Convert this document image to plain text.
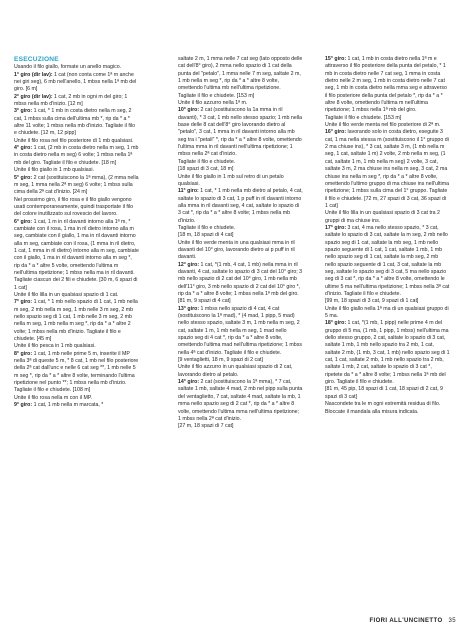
ESECUZIONE

Usando il filo giallo, formate un anello magico.

1° giro (dir lav): 1 cat (non conta come 1ª m anche nei giri seg), 6 mb nell'anello, 1 mbss nella 1ª mb del giro. [6 m]

2° giro (dir lav): 1 cat, 2 mb in ogni m del giro; 1 mbss nella mb d'inizio. [12 m]

3° giro: 1 cat, * 1 mb in costa dietro nella m seg, 2 cat, 1 mbss sulla cima dell'ultima mb *, rip da * a * altre 11 volte; 1 mbss nella mb d'inizio. Tagliate il filo e chiudete. [12 m, 12 pipp]

Unite il filo rosa nel filo posteriore di 1 mb qualsiasi.

4° giro: 1 cat, (2 mb in costa dietro nella m seg, 1 mb in costa dietro nella m seg) 6 volte; 1 mbss nella 1ª mb del giro. Tagliate il filo e chiudete. [18 m]

Unite il filo giallo in 1 mb qualsiasi.

5° giro: 2 cat (sostituiscono la 1ª mma), (2 mma nella m seg, 1 mma nella 2ª m seg) 6 volte; 1 mbss sulla cima della 2ª cat d'inizio. [24 m]

Nel prossimo giro, il filo rosa e il filo giallo vengono usati contemporaneamente, quindi trasportate il filo del colore inutilizzato sul rovescio del lavoro.

6° giro: 1 cat, 1 m in ril davanti intorno alla 1ª m, * cambiate con il rosa, 1 ma in ril dietro intorno alla m seg, cambiate con il giallo, 1 ma in ril davanti intorno alla m seg, cambiate con il rosa, (1 mma in ril dietro, 1 cat, 1 mma in ril dietro) intorno alla m seg, cambiate con il giallo, 1 ma in ril davanti intorno alla m seg *, rip da * a * altre 5 volte, omettendo l'ultima m nell'ultima ripetizione; 1 mbss nella ma in ril davanti. Tagliate ciascun dei 2 fili e chiudete. [30 m, 6 spazi di 1 cat]

Unite il filo lilla in un qualsiasi spazio di 1 cat.

7° giro: 1 cat, * 1 mb nello spazio di 1 cat, 1 mb nella m seg, 2 mb nella m seg, 1 mb nelle 3 m seg, 2 mb nello spazio seg di 1 cat, 1 mb nelle 3 m seg, 2 mb nella m seg, 1 mb nella m seg *, rip da * a * altre 2 volte; 1 mbss nella mb d'inizio. Tagliate il filo e chiudete. [45 m]

Unite il filo pesca in 1 mb qualsiasi.

8° giro: 1 cat, 1 mb nelle prime 5 m, inserite il MP nella 3ª di queste 5 m, * 8 cat, 1 mb nel filo posteriore della 2ª cat dall'unc e nelle 6 cat seg **, 1 mb nelle 5 m seg *, rip da * a * altre 8 volte, terminando l'ultima ripetizione nel punto **; 1 mbss nella mb d'inizio.

Tagliate il filo e chiudete. [108 m]

Unite il filo rosa nella m con il MP.

9° giro: 1 cat, 1 mb nella m marcata, *

saltate 2 m, 1 mma nelle 7 cat seg (lato opposto delle cat dell'8° giro), 2 mma nello spazio di 1 cat della punta del "petalo", 1 mma nelle 7 m seg, saltate 2 m, 1 mb nella m seg *, rip da * a * altre 8 volte, omettendo l'ultima mb nell'ultima ripetizione.

Tagliate il filo e chiudete. [153 m]

Unite il filo azzurro nella 1ª m.

10° giro: 2 cat (sostituiscono la 1a mma in ril davanti), * 3 cat, 1 mb nello stesso spazio; 1 mb nella base delle 8 cat dell'8° giro lavorando dietro al "petalo", 3 cat, 1 mma in ril davanti intorno alla mb seg tra i "petali" *, rip da * a * altre 8 volte, omettendo l'ultima mma in ril davanti nell'ultima ripetizione; 1 mbss nella 2ª cat d'inizio.

Tagliate il filo e chiudete.

[18 spazi di 3 cat, 18 m]

Unite il filo giallo in 1 mb sul retro di un petalo qualsiasi.

11° giro: 1 cat, * 1 mb nella mb dietro al petalo, 4 cat, saltate lo spazio di 3 cat, 1 p puff in ril davanti intorno alla mma in ril davanti seg, 4 cat, saltate lo spazio di 3 cat *, rip da * a * altre 8 volte; 1 mbss nella mb d'inizio.

Tagliate il filo e chiudete.

[18 m, 18 spazi di 4 cat]

Unite il filo verde menta in una qualsiasi mma in ril davanti del 10° giro, lavorando dietro ai p puff in ril davanti.

12° giro: 1 cat, *(1 mb, 4 cat, 1 mb) nella mma in ril davanti, 4 cat, saltate lo spazio di 3 cat del 10° giro; 3 mb nello spazio di 2 cat del 10° giro, 1 mb nella mb dell'11° giro, 3 mb nello spazio di 2 cat del 10° giro *, rip da * a * altre 8 volte; 1 mbss nella 1ª mb del giro.

[81 m, 9 spazi di 4 cat]

13° giro: 1 mbss nello spazio di 4 cat, 4 cat (sostituiscono la 1ª mad), * (4 mad, 1 pipp, 5 mad) nello stesso spazio, saltate 3 m, 1 mb nella m seg, 2 cat, saltate 1 m, 1 mb nella m seg, 1 mad nello spazio seg di 4 cat *, rip da * a * altre 8 volte, omettendo l'ultima mad nell'ultima ripetizione; 1 mbss nella 4ª cat d'inizio. Tagliate il filo e chiudete.

[9 ventaglietti, 18 m, 9 spazi di 2 cat]

Unite il filo azzurro in un qualsiasi spazio di 2 cat, lavorando dietro al petalo.

14° giro: 2 cat (sostituiscono la 1ª mma), * 7 cat, saltate 1 mb, saltate 4 mad, 2 mb nel pipp sulla punta del ventaglietto, 7 cat, saltate 4 mad, saltate la mb, 1 mma nello spazio seg di 2 cat *, rip da * a * altre 8 volte, omettendo l'ultima mma nell'ultima ripetizione; 1 mbss nella 2ª cat d'inizio.

[27 m, 18 spazi di 7 cat]

15° giro: 1 cat, 1 mb in costa dietro nella 1ª m e attraverso il filo posteriore della punta del petalo, * 1 mb in costa dietro nelle 7 cat seg, 1 mma in costa dietro nelle 2 m seg, 1 mb in costa dietro nelle 7 cat seg, 1 mb in costa dietro nella mma seg e attraverso il filo posteriore della punta del petalo *, rip da * a * altre 8 volte, omettendo l'ultima m nell'ultima ripetizione; 1 mbss nella 1ª mb del giro.

Tagliate il filo e chiudete. [153 m]

Unite il filo verde menta nel filo posteriore di 2ª m.

16° giro: lavorando solo in costa dietro, eseguite 3 cat, 1 ma nella stessa m (sostituiscono il 1° gruppo di 2 ma chiuse ins), * 3 cat, saltate 3 m, (1 mb nella m seg, 1 cat, saltate 1 m) 2 volte, 2 mb nella m seg, (1 cat, saltate 1 m, 1 mb nella m seg) 2 volte, 3 cat, saltate 3 m, 2 ma chiuse ins nella m seg, 3 cat, 2 ma chiuse ins nella m seg *, rip da * a * altre 8 volte, omettendo l'ultimo gruppo di ma chiuse ins nell'ultima ripetizione; 1 mbss sulla cima del 1° gruppo. Tagliate il filo e chiudete. [72 m, 27 spazi di 3 cat, 36 spazi di 1 cat]

Unite il filo lilla in un qualsiasi spazio di 3 cat tra 2 gruppi di ma chiuse ins.

17° giro: 3 cat, 4 ma nello stesso spazio, * 3 cat, saltate lo spazio di 3 cat, saltate la m seg, 2 mb nello spazio seg di 1 cat, saltate la mb seg, 1 mb nello spazio seguente di 1 cat, 1 cat, saltate 1 mb, 1 mb nello spazio seg di 1 cat, saltate la mb seg, 2 mb nello spazio seguente di 1 cat, 3 cat, saltate la mb seg, saltate lo spazio seg di 3 cat, 5 ma nello spazio seg di 3 cat *, rip da * a * altre 8 volte, omettendo le ultime 5 ma nell'ultima ripetizione; 1 mbss nella 3ª cat d'inizio. Tagliate il filo e chiudete.

[99 m, 18 spazi di 3 cat, 9 spazi di 1 cat]

Unite il filo giallo nella 1ª ma di un qualsiasi gruppo di 5 ma.

18° giro: 1 cat, *(1 mb, 1 pipp) nelle prime 4 m del gruppo di 5 ma, (1 mb, 1 pipp, 1 mbss) nell'ultima ma dello stesso gruppo, 2 cat, saltate lo spazio di 3 cat, saltate 1 mb, 1 mb nello spazio tra 2 mb, 1 cat, saltate 2 mb, (1 mb, 3 cat, 1 mb) nello spazio seg di 1 cat, 1 cat, saltate 2 mb, 1 mb nello spazio tra 2 mb, saltate 1 mb, 2 cat, saltate lo spazio di 3 cat *, ripetete da * a * altre 8 volte; 1 mbss nella 1ª mb del giro. Tagliate il filo e chiudete.

[81 m, 45 pip, 18 spazi di 1 cat, 18 spazi di 2 cat, 9 spazi di 3 cat]

Nascondete tra le m ogni estremità residua di filo.

Bloccate il mandala alla misura indicata.

FIORI ALL'UNCINETTO 35
